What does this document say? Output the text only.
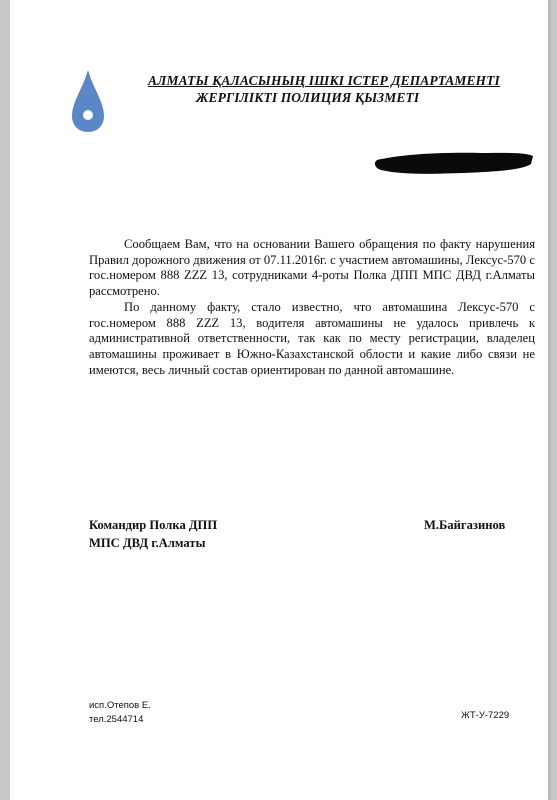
АЛМАТЫ ҚАЛАСЫНЫҢ ІШКІ ІСТЕР ДЕПАРТАМЕНТІ
ЖЕРГІЛІКТІ ПОЛИЦИЯ ҚЫЗМЕТІ

Сообщаем Вам, что на основании Вашего обращения по факту нарушения Правил дорожного движения от 07.11.2016г. с участием автомашины, Лексус-570 с гос.номером 888 ZZZ 13, сотрудниками 4-роты Полка ДПП МПС ДВД г.Алматы рассмотрено.

По данному факту, стало известно, что автомашина Лексус-570 с гос.номером 888 ZZZ 13, водителя автомашины не удалось привлечь к административной ответственности, так как по месту регистрации, владелец автомашины проживает в Южно-Казахстанской облости и какие либо связи не имеются, весь личный состав ориентирован по данной автомашине.

Командир Полка ДПП
МПС ДВД г.Алматы
М.Байгазинов
исп.Отепов Е.
тел.2544714	ЖТ-У-7229
